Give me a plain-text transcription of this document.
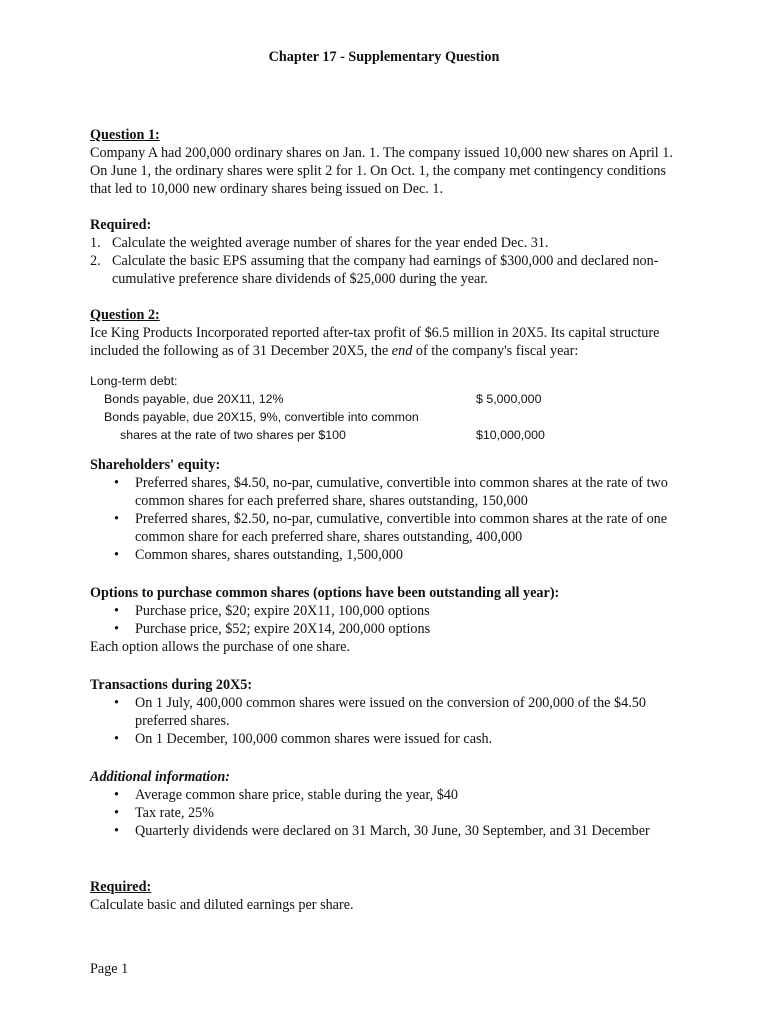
Chapter 17 - Supplementary Question

Question 1:

Company A had 200,000 ordinary shares on Jan. 1. The company issued 10,000 new shares on April 1. On June 1, the ordinary shares were split 2 for 1. On Oct. 1, the company met contingency conditions that led to 10,000 new ordinary shares being issued on Dec. 1.

Required:

1. Calculate the weighted average number of shares for the year ended Dec. 31.
2. Calculate the basic EPS assuming that the company had earnings of $300,000 and declared non-cumulative preference share dividends of $25,000 during the year.

Question 2:

Ice King Products Incorporated reported after-tax profit of $6.5 million in 20X5. Its capital structure included the following as of 31 December 20X5, the end of the company's fiscal year:

Long-term debt:
Bonds payable, due 20X11, 12%	$ 5,000,000
Bonds payable, due 20X15, 9%, convertible into common
shares at the rate of two shares per $100	$10,000,000

Shareholders' equity:

• Preferred shares, $4.50, no-par, cumulative, convertible into common shares at the rate of two common shares for each preferred share, shares outstanding, 150,000
• Preferred shares, $2.50, no-par, cumulative, convertible into common shares at the rate of one common share for each preferred share, shares outstanding, 400,000
• Common shares, shares outstanding, 1,500,000

Options to purchase common shares (options have been outstanding all year):

• Purchase price, $20; expire 20X11, 100,000 options
• Purchase price, $52; expire 20X14, 200,000 options

Each option allows the purchase of one share.

Transactions during 20X5:

• On 1 July, 400,000 common shares were issued on the conversion of 200,000 of the $4.50 preferred shares.
• On 1 December, 100,000 common shares were issued for cash.

Additional information:

• Average common share price, stable during the year, $40
• Tax rate, 25%
• Quarterly dividends were declared on 31 March, 30 June, 30 September, and 31 December

Required:

Calculate basic and diluted earnings per share.

Page 1
